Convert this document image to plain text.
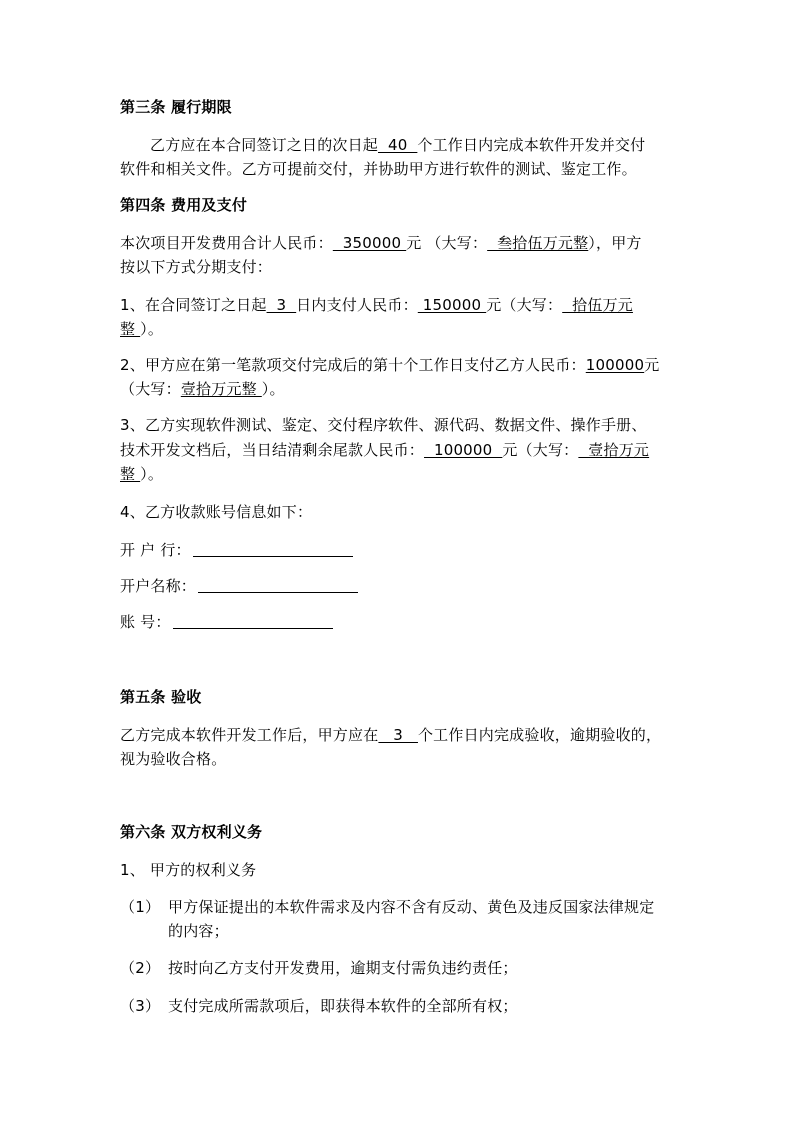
第三条 履行期限
乙方应在本合同签订之日的次日起  40  个工作日内完成本软件开发并交付
软件和相关文件。乙方可提前交付，并协助甲方进行软件的测试、鉴定工作。
第四条 费用及支付
本次项目开发费用合计人民币：  350000 元 （大写：  叁拾伍万元整），甲方
按以下方式分期支付：
1、在合同签订之日起  3  日内支付人民币： 150000 元（大写：  拾伍万元
整 ）。
2、甲方应在第一笔款项交付完成后的第十个工作日支付乙方人民币：100000元
（大写：壹拾万元整 ）。
3、乙方实现软件测试、鉴定、交付程序软件、源代码、数据文件、操作手册、
技术开发文档后，当日结清剩余尾款人民币：  100000  元（大写：  壹拾万元
整 ）。
4、乙方收款账号信息如下：
开 户 行：
开户名称：
账 号：
第五条 验收
乙方完成本软件开发工作后，甲方应在   3   个工作日内完成验收，逾期验收的，
视为验收合格。
第六条 双方权利义务
1、 甲方的权利义务
（1） 甲方保证提出的本软件需求及内容不含有反动、黄色及违反国家法律规定
的内容；
（2） 按时向乙方支付开发费用，逾期支付需负违约责任；
（3） 支付完成所需款项后，即获得本软件的全部所有权；
